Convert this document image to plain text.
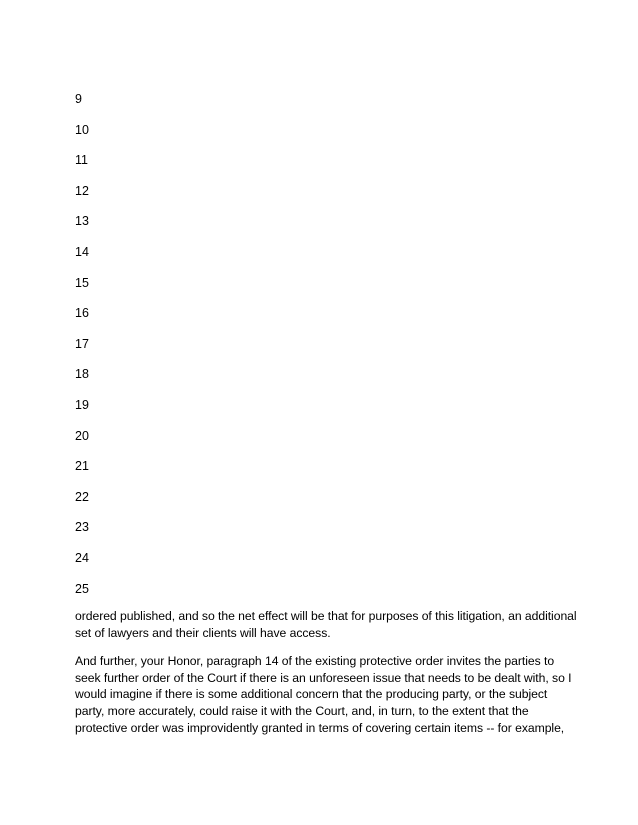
9
10
11
12
13
14
15
16
17
18
19
20
21
22
23
24
25

ordered published, and so the net effect will be that for purposes of this litigation, an additional
set of lawyers and their clients will have access.

And further, your Honor, paragraph 14 of the existing protective order invites the parties to
seek further order of the Court if there is an unforeseen issue that needs to be dealt with, so I
would imagine if there is some additional concern that the producing party, or the subject
party, more accurately, could raise it with the Court, and, in turn, to the extent that the
protective order was improvidently granted in terms of covering certain items -- for example,
